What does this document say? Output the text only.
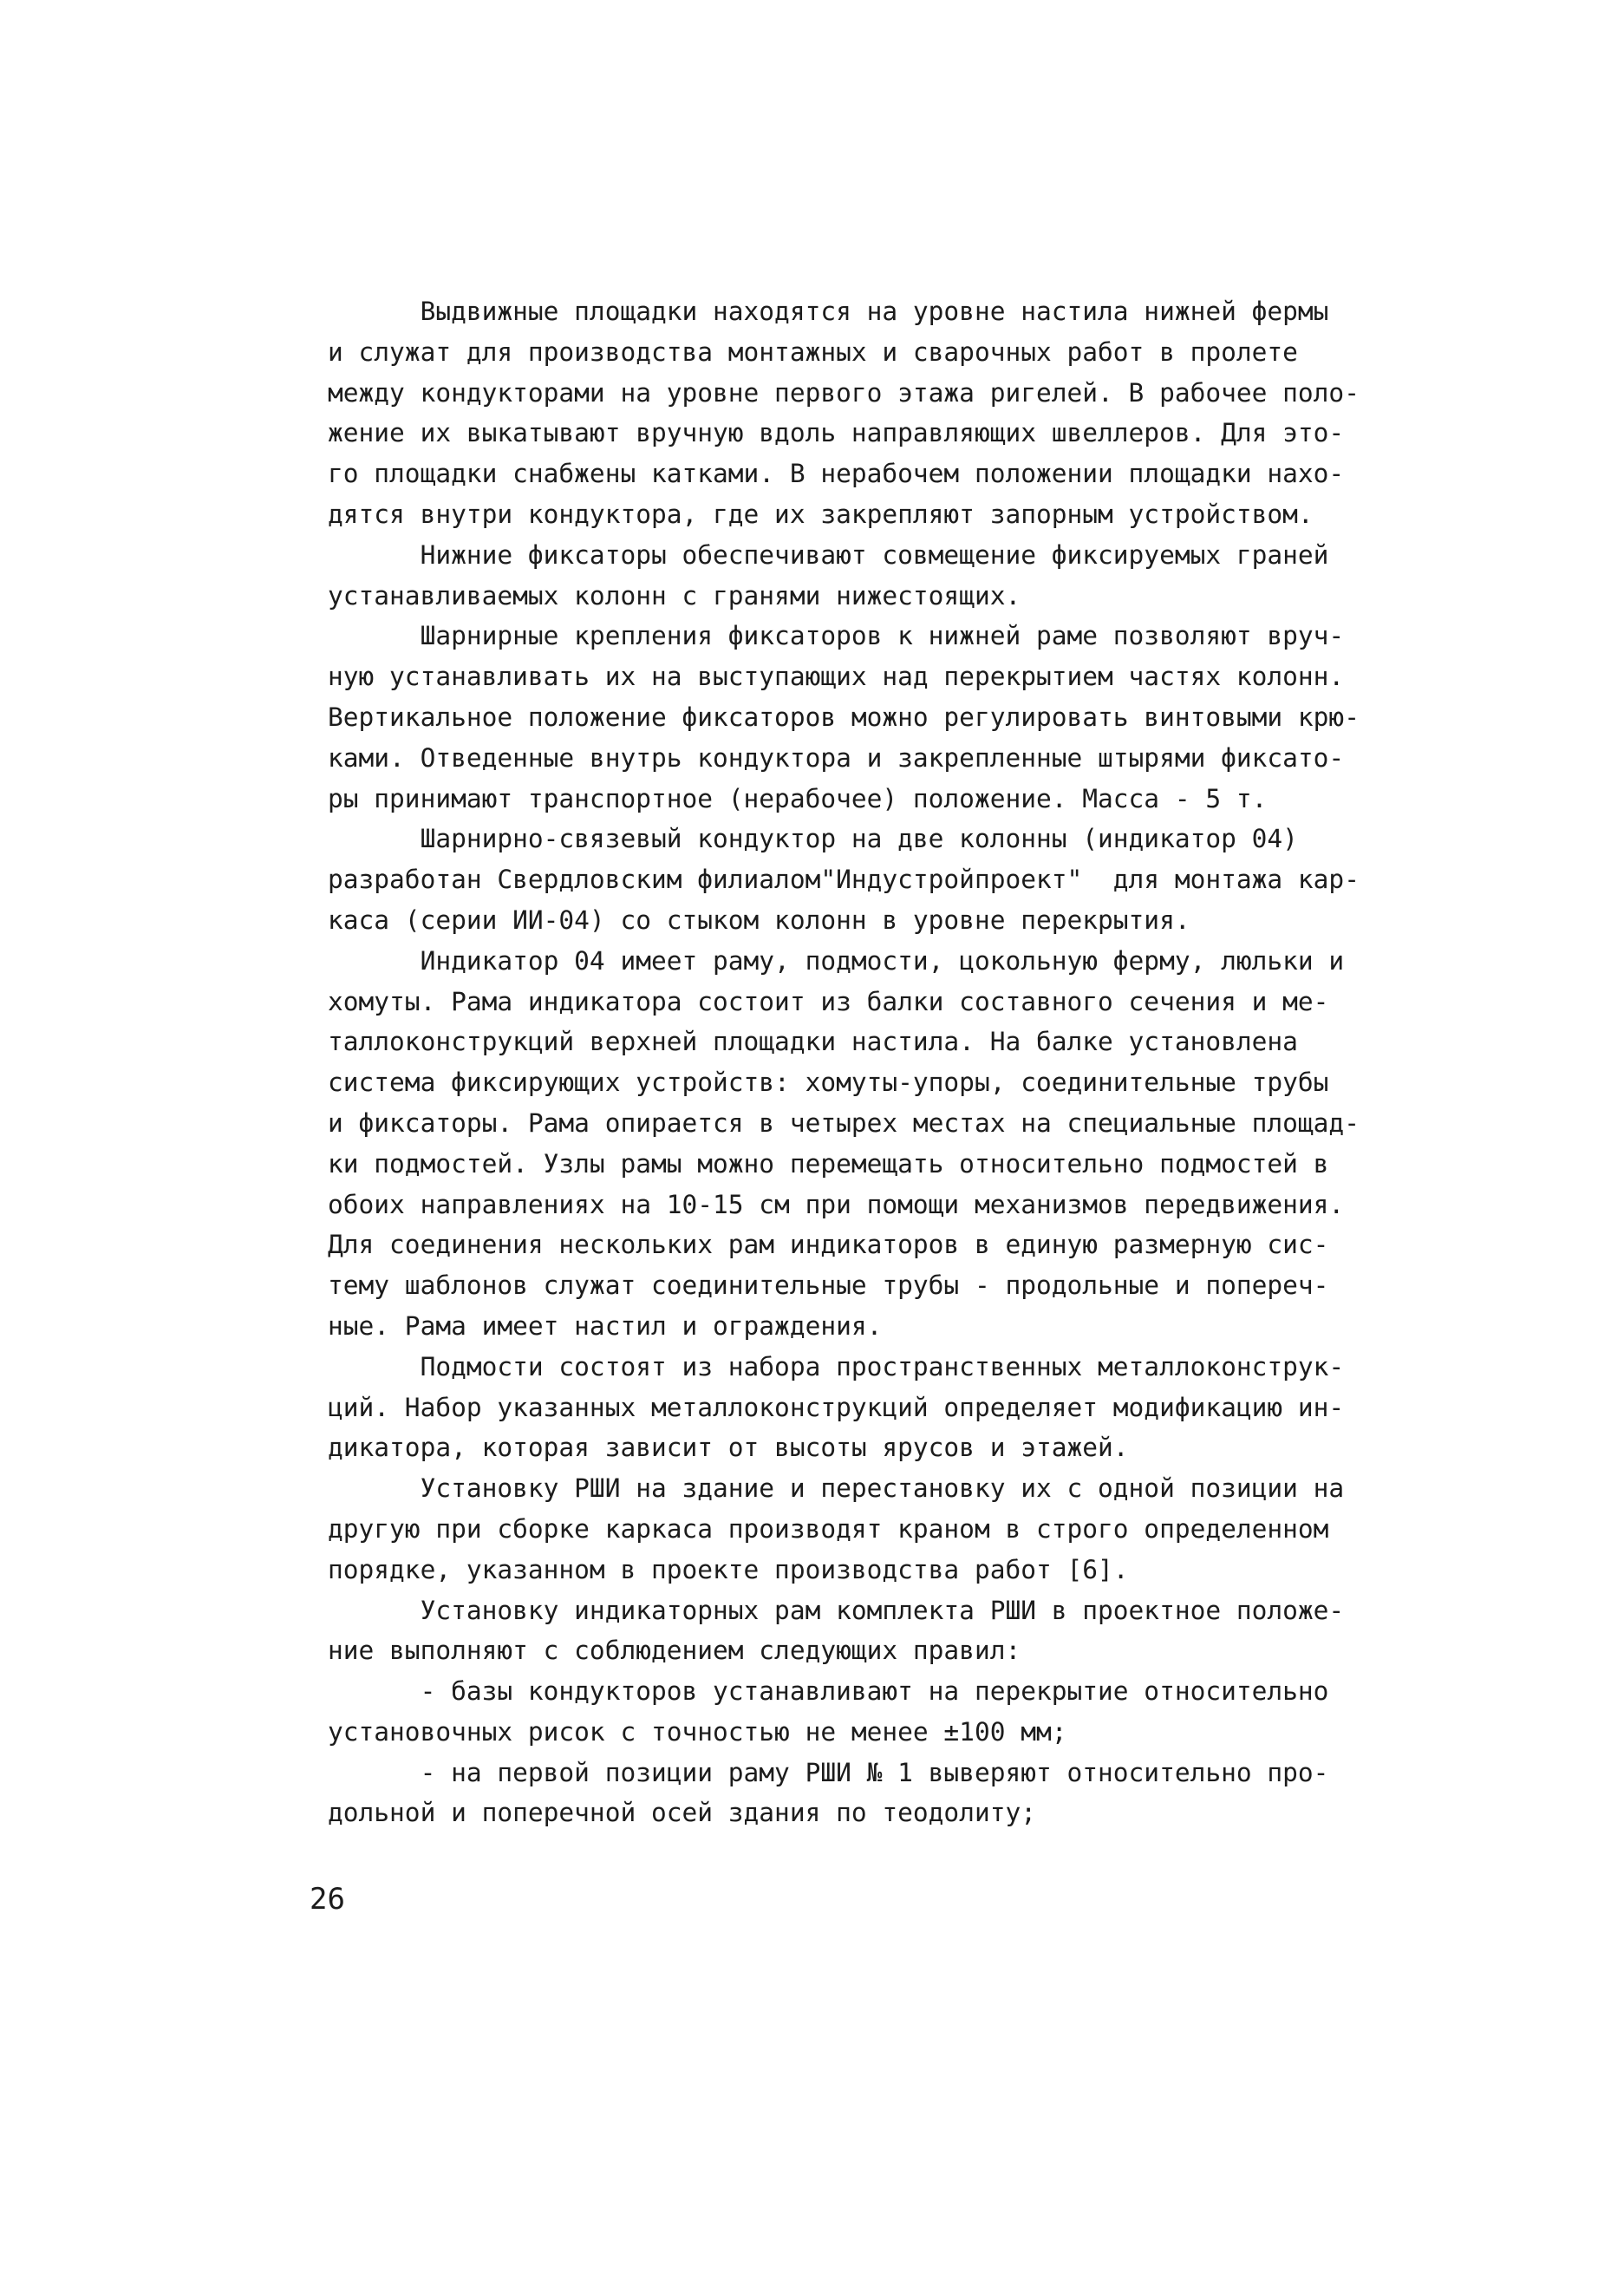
Выдвижные площадки находятся на уровне настила нижней фермы
и служат для производства монтажных и сварочных работ в пролете
между кондукторами на уровне первого этажа ригелей. В рабочее поло-
жение их выкатывают вручную вдоль направляющих швеллеров. Для это-
го площадки снабжены катками. В нерабочем положении площадки нахо-
дятся внутри кондуктора, где их закрепляют запорным устройством.
Нижние фиксаторы обеспечивают совмещение фиксируемых граней
устанавливаемых колонн с гранями нижестоящих.
Шарнирные крепления фиксаторов к нижней раме позволяют вруч-
ную устанавливать их на выступающих над перекрытием частях колонн.
Вертикальное положение фиксаторов можно регулировать винтовыми крю-
ками. Отведенные внутрь кондуктора и закрепленные штырями фиксато-
ры принимают транспортное (нерабочее) положение. Масса - 5 т.
Шарнирно-связевый кондуктор на две колонны (индикатор 04)
разработан Свердловским филиалом"Индустройпроект"  для монтажа кар-
каса (серии ИИ-04) со стыком колонн в уровне перекрытия.
Индикатор 04 имеет раму, подмости, цокольную ферму, люльки и
хомуты. Рама индикатора состоит из балки составного сечения и ме-
таллоконструкций верхней площадки настила. На балке установлена
система фиксирующих устройств: хомуты-упоры, соединительные трубы
и фиксаторы. Рама опирается в четырех местах на специальные площад-
ки подмостей. Узлы рамы можно перемещать относительно подмостей в
обоих направлениях на 10-15 см при помощи механизмов передвижения.
Для соединения нескольких рам индикаторов в единую размерную сис-
тему шаблонов служат соединительные трубы - продольные и попереч-
ные. Рама имеет настил и ограждения.
Подмости состоят из набора пространственных металлоконструк-
ций. Набор указанных металлоконструкций определяет модификацию ин-
дикатора, которая зависит от высоты ярусов и этажей.
Установку РШИ на здание и перестановку их с одной позиции на
другую при сборке каркаса производят краном в строго определенном
порядке, указанном в проекте производства работ [6].
Установку индикаторных рам комплекта РШИ в проектное положе-
ние выполняют с соблюдением следующих правил:
- базы кондукторов устанавливают на перекрытие относительно
установочных рисок с точностью не менее ±100 мм;
- на первой позиции раму РШИ № 1 выверяют относительно про-
дольной и поперечной осей здания по теодолиту;
26
